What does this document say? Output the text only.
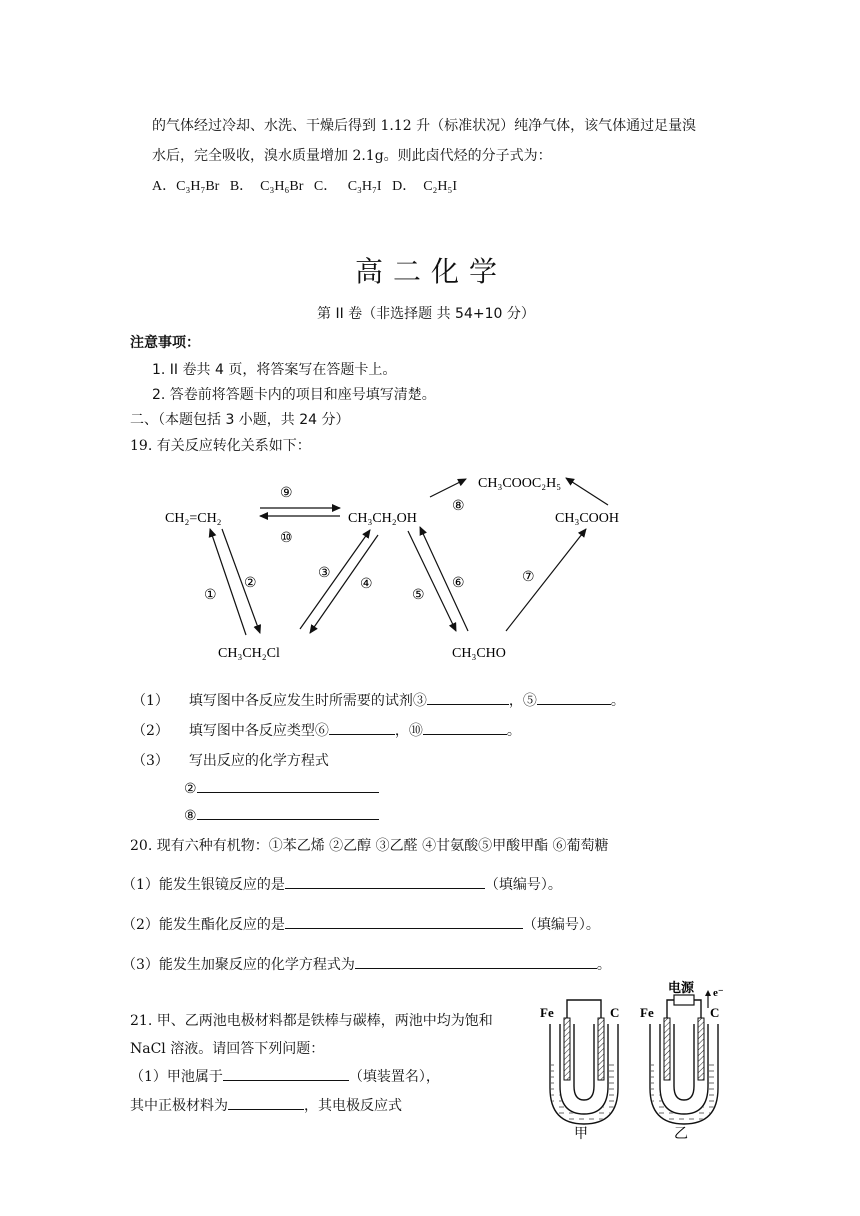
的气体经过冷却、水洗、干燥后得到 1.12 升（标准状况）纯净气体，该气体通过足量溴
水后，完全吸收，溴水质量增加 2.1g。则此卤代烃的分子式为：
A．C₃H₇Br   B．  C₃H₆Br   C．   C₃H₇I   D．  C₂H₅I
高二化学
第 II 卷（非选择题 共 54+10 分）
注意事项：
1. II 卷共 4 页，将答案写在答题卡上。
2. 答卷前将答题卡内的项目和座号填写清楚。
二、（本题包括 3 小题，共 24 分）
19. 有关反应转化关系如下：
CH₂=CH₂	CH₃CH₂OH	CH₃COOH
CH₃COOC₂H₅
CH₃CH₂Cl	CH₃CHO
⑨
⑩
①
②
③
④
⑤
⑥	⑦
⑧
（1） 填写图中各反应发生时所需要的试剂③	，⑤	。
（2） 填写图中各反应类型⑥	，⑩	。
（3） 写出反应的化学方程式
②
⑧
20. 现有六种有机物：①苯乙烯 ②乙醇 ③乙醛 ④甘氨酸⑤甲酸甲酯 ⑥葡萄糖
（1）能发生银镜反应的是	（填编号）。
（2）能发生酯化反应的是	（填编号）。
（3）能发生加聚反应的化学方程式为	。
21. 甲、乙两池电极材料都是铁棒与碳棒，两池中均为饱和
NaCl 溶液。请回答下列问题：
（1）甲池属于	（填装置名），
其中正极材料为	，其电极反应式
Fe	C
甲
电源 e⁻
Fe	C
乙
